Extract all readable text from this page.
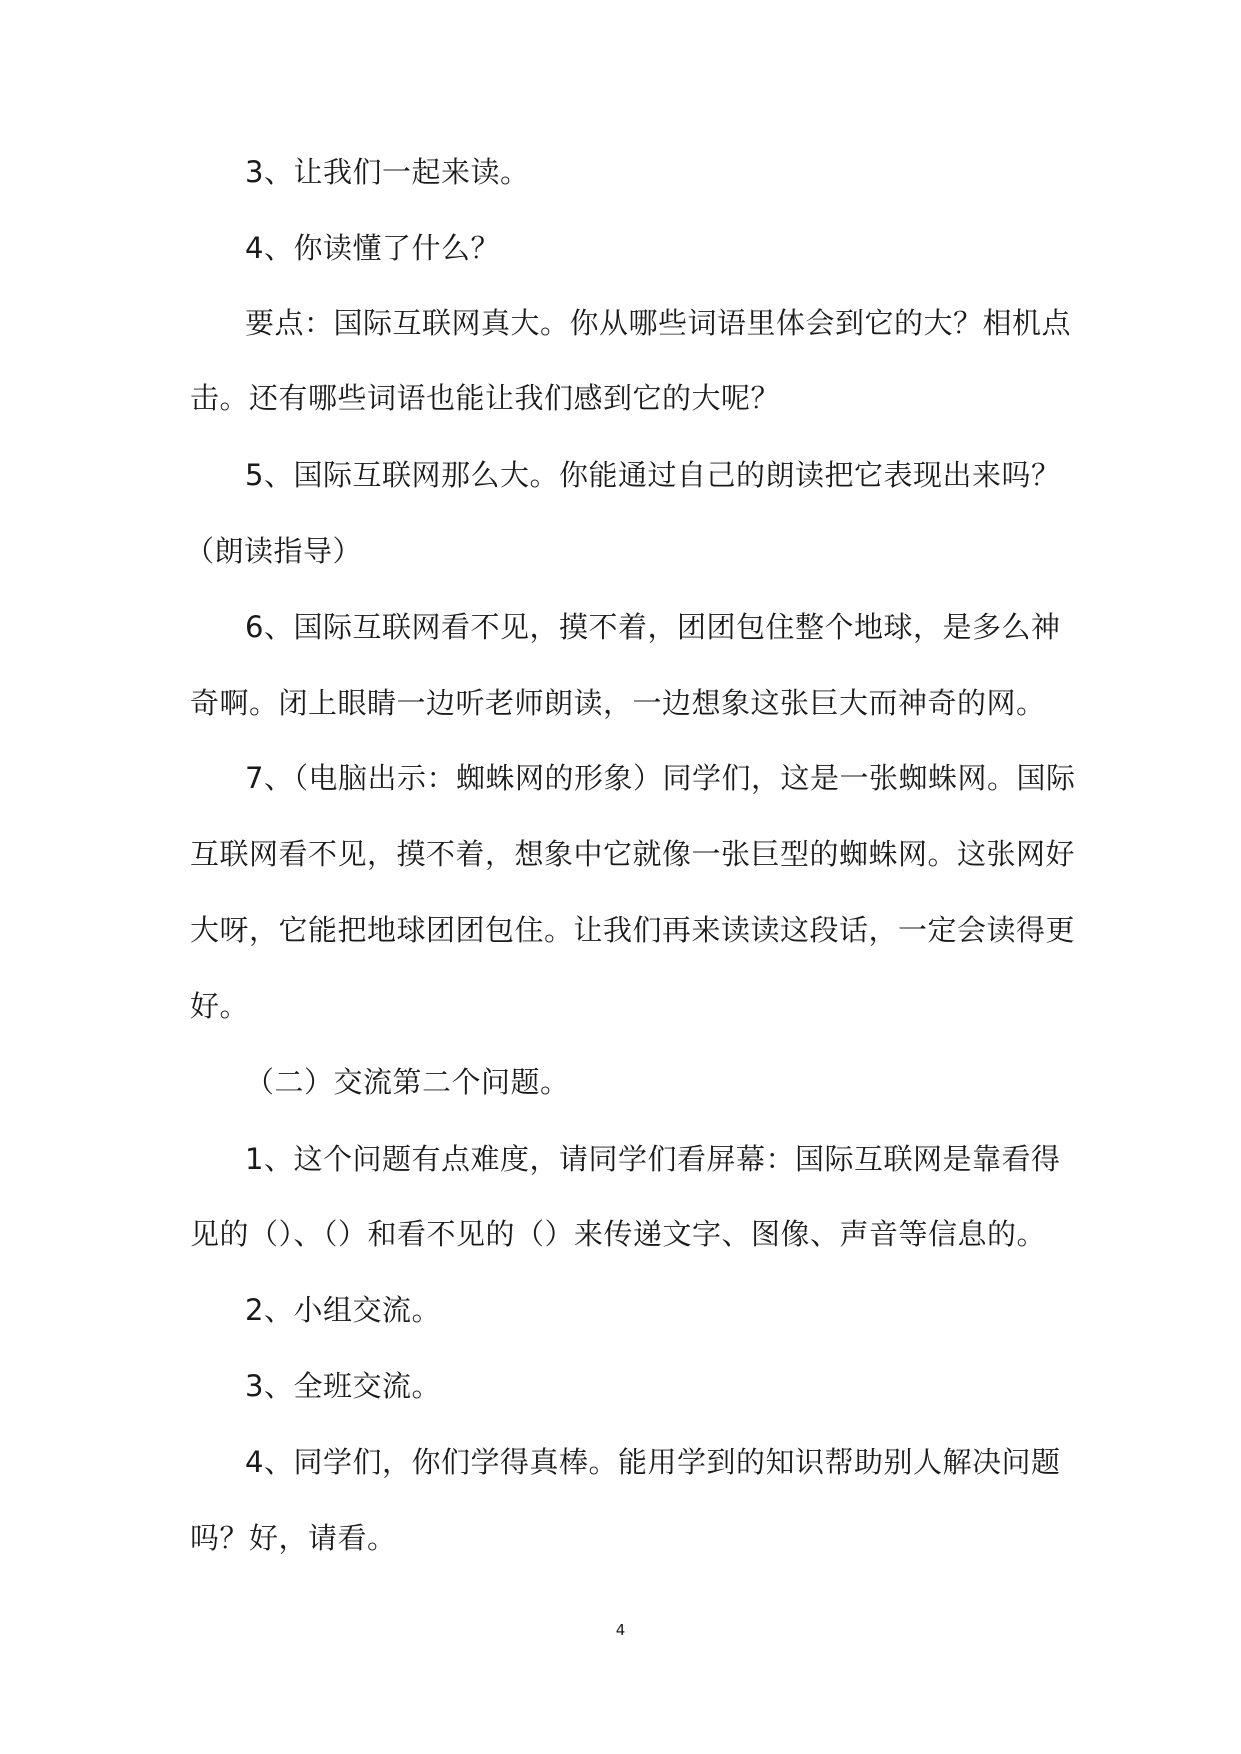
3、让我们一起来读。
4、你读懂了什么？
要点：国际互联网真大。你从哪些词语里体会到它的大？相机点
击。还有哪些词语也能让我们感到它的大呢？
5、国际互联网那么大。你能通过自己的朗读把它表现出来吗？
（朗读指导）
6、国际互联网看不见，摸不着，团团包住整个地球，是多么神
奇啊。闭上眼睛一边听老师朗读，一边想象这张巨大而神奇的网。
7、（电脑出示：蜘蛛网的形象）同学们，这是一张蜘蛛网。国际
互联网看不见，摸不着，想象中它就像一张巨型的蜘蛛网。这张网好
大呀，它能把地球团团包住。让我们再来读读这段话，一定会读得更
好。
（二）交流第二个问题。
1、这个问题有点难度，请同学们看屏幕：国际互联网是靠看得
见的（）、（）和看不见的（）来传递文字、图像、声音等信息的。
2、小组交流。
3、全班交流。
4、同学们，你们学得真棒。能用学到的知识帮助别人解决问题
吗？好，请看。
4
